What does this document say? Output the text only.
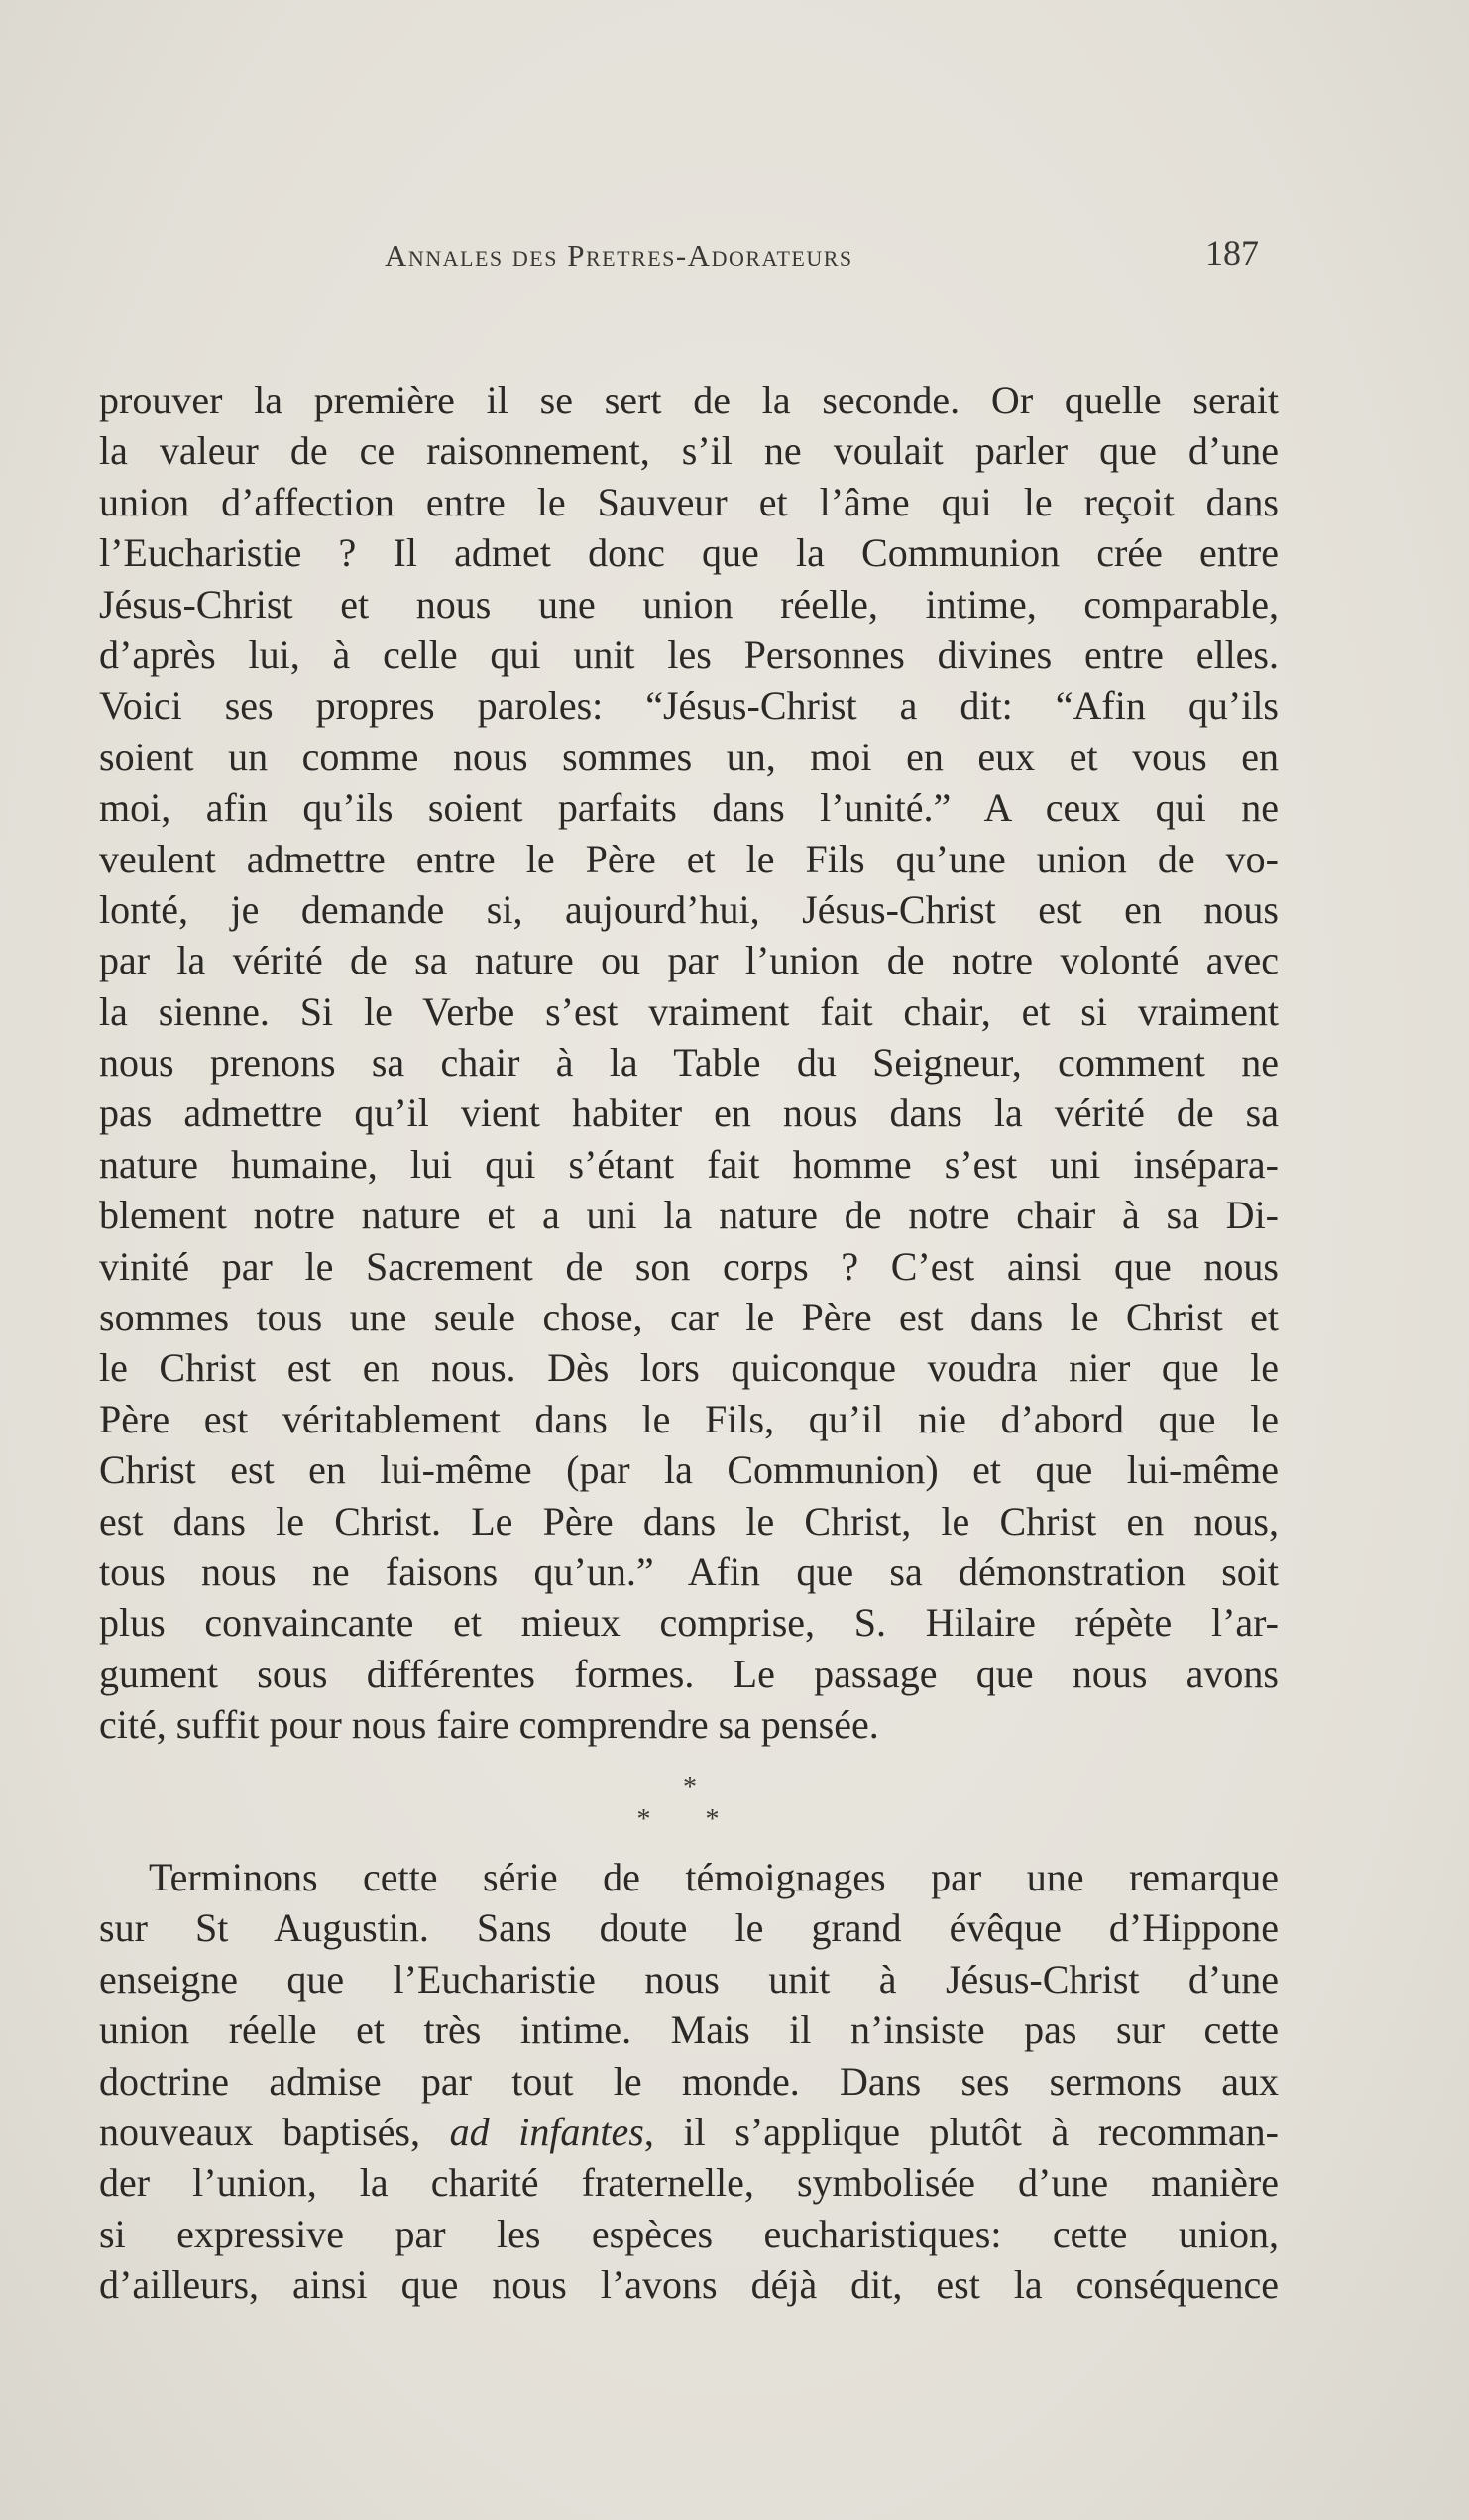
Annales des Pretres-Adorateurs	187
prouver la première il se sert de la seconde. Or quelle serait
la valeur de ce raisonnement, s’il ne voulait parler que d’une
union d’affection entre le Sauveur et l’âme qui le reçoit dans
l’Eucharistie ? Il admet donc que la Communion crée entre
Jésus-Christ et nous une union réelle, intime, comparable,
d’après lui, à celle qui unit les Personnes divines entre elles.
Voici ses propres paroles: “Jésus-Christ a dit: “Afin qu’ils
soient un comme nous sommes un, moi en eux et vous en
moi, afin qu’ils soient parfaits dans l’unité.” A ceux qui ne
veulent admettre entre le Père et le Fils qu’une union de vo-
lonté, je demande si, aujourd’hui, Jésus-Christ est en nous
par la vérité de sa nature ou par l’union de notre volonté avec
la sienne. Si le Verbe s’est vraiment fait chair, et si vraiment
nous prenons sa chair à la Table du Seigneur, comment ne
pas admettre qu’il vient habiter en nous dans la vérité de sa
nature humaine, lui qui s’étant fait homme s’est uni insépara-
blement notre nature et a uni la nature de notre chair à sa Di-
vinité par le Sacrement de son corps ? C’est ainsi que nous
sommes tous une seule chose, car le Père est dans le Christ et
le Christ est en nous. Dès lors quiconque voudra nier que le
Père est véritablement dans le Fils, qu’il nie d’abord que le
Christ est en lui-même (par la Communion) et que lui-même
est dans le Christ. Le Père dans le Christ, le Christ en nous,
tous nous ne faisons qu’un.” Afin que sa démonstration soit
plus convaincante et mieux comprise, S. Hilaire répète l’ar-
gument sous différentes formes. Le passage que nous avons
cité, suffit pour nous faire comprendre sa pensée.
*
* *
Terminons cette série de témoignages par une remarque
sur St Augustin. Sans doute le grand évêque d’Hippone
enseigne que l’Eucharistie nous unit à Jésus-Christ d’une
union réelle et très intime. Mais il n’insiste pas sur cette
doctrine admise par tout le monde. Dans ses sermons aux
nouveaux baptisés, ad infantes, il s’applique plutôt à recomman-
der l’union, la charité fraternelle, symbolisée d’une manière
si expressive par les espèces eucharistiques: cette union,
d’ailleurs, ainsi que nous l’avons déjà dit, est la conséquence
